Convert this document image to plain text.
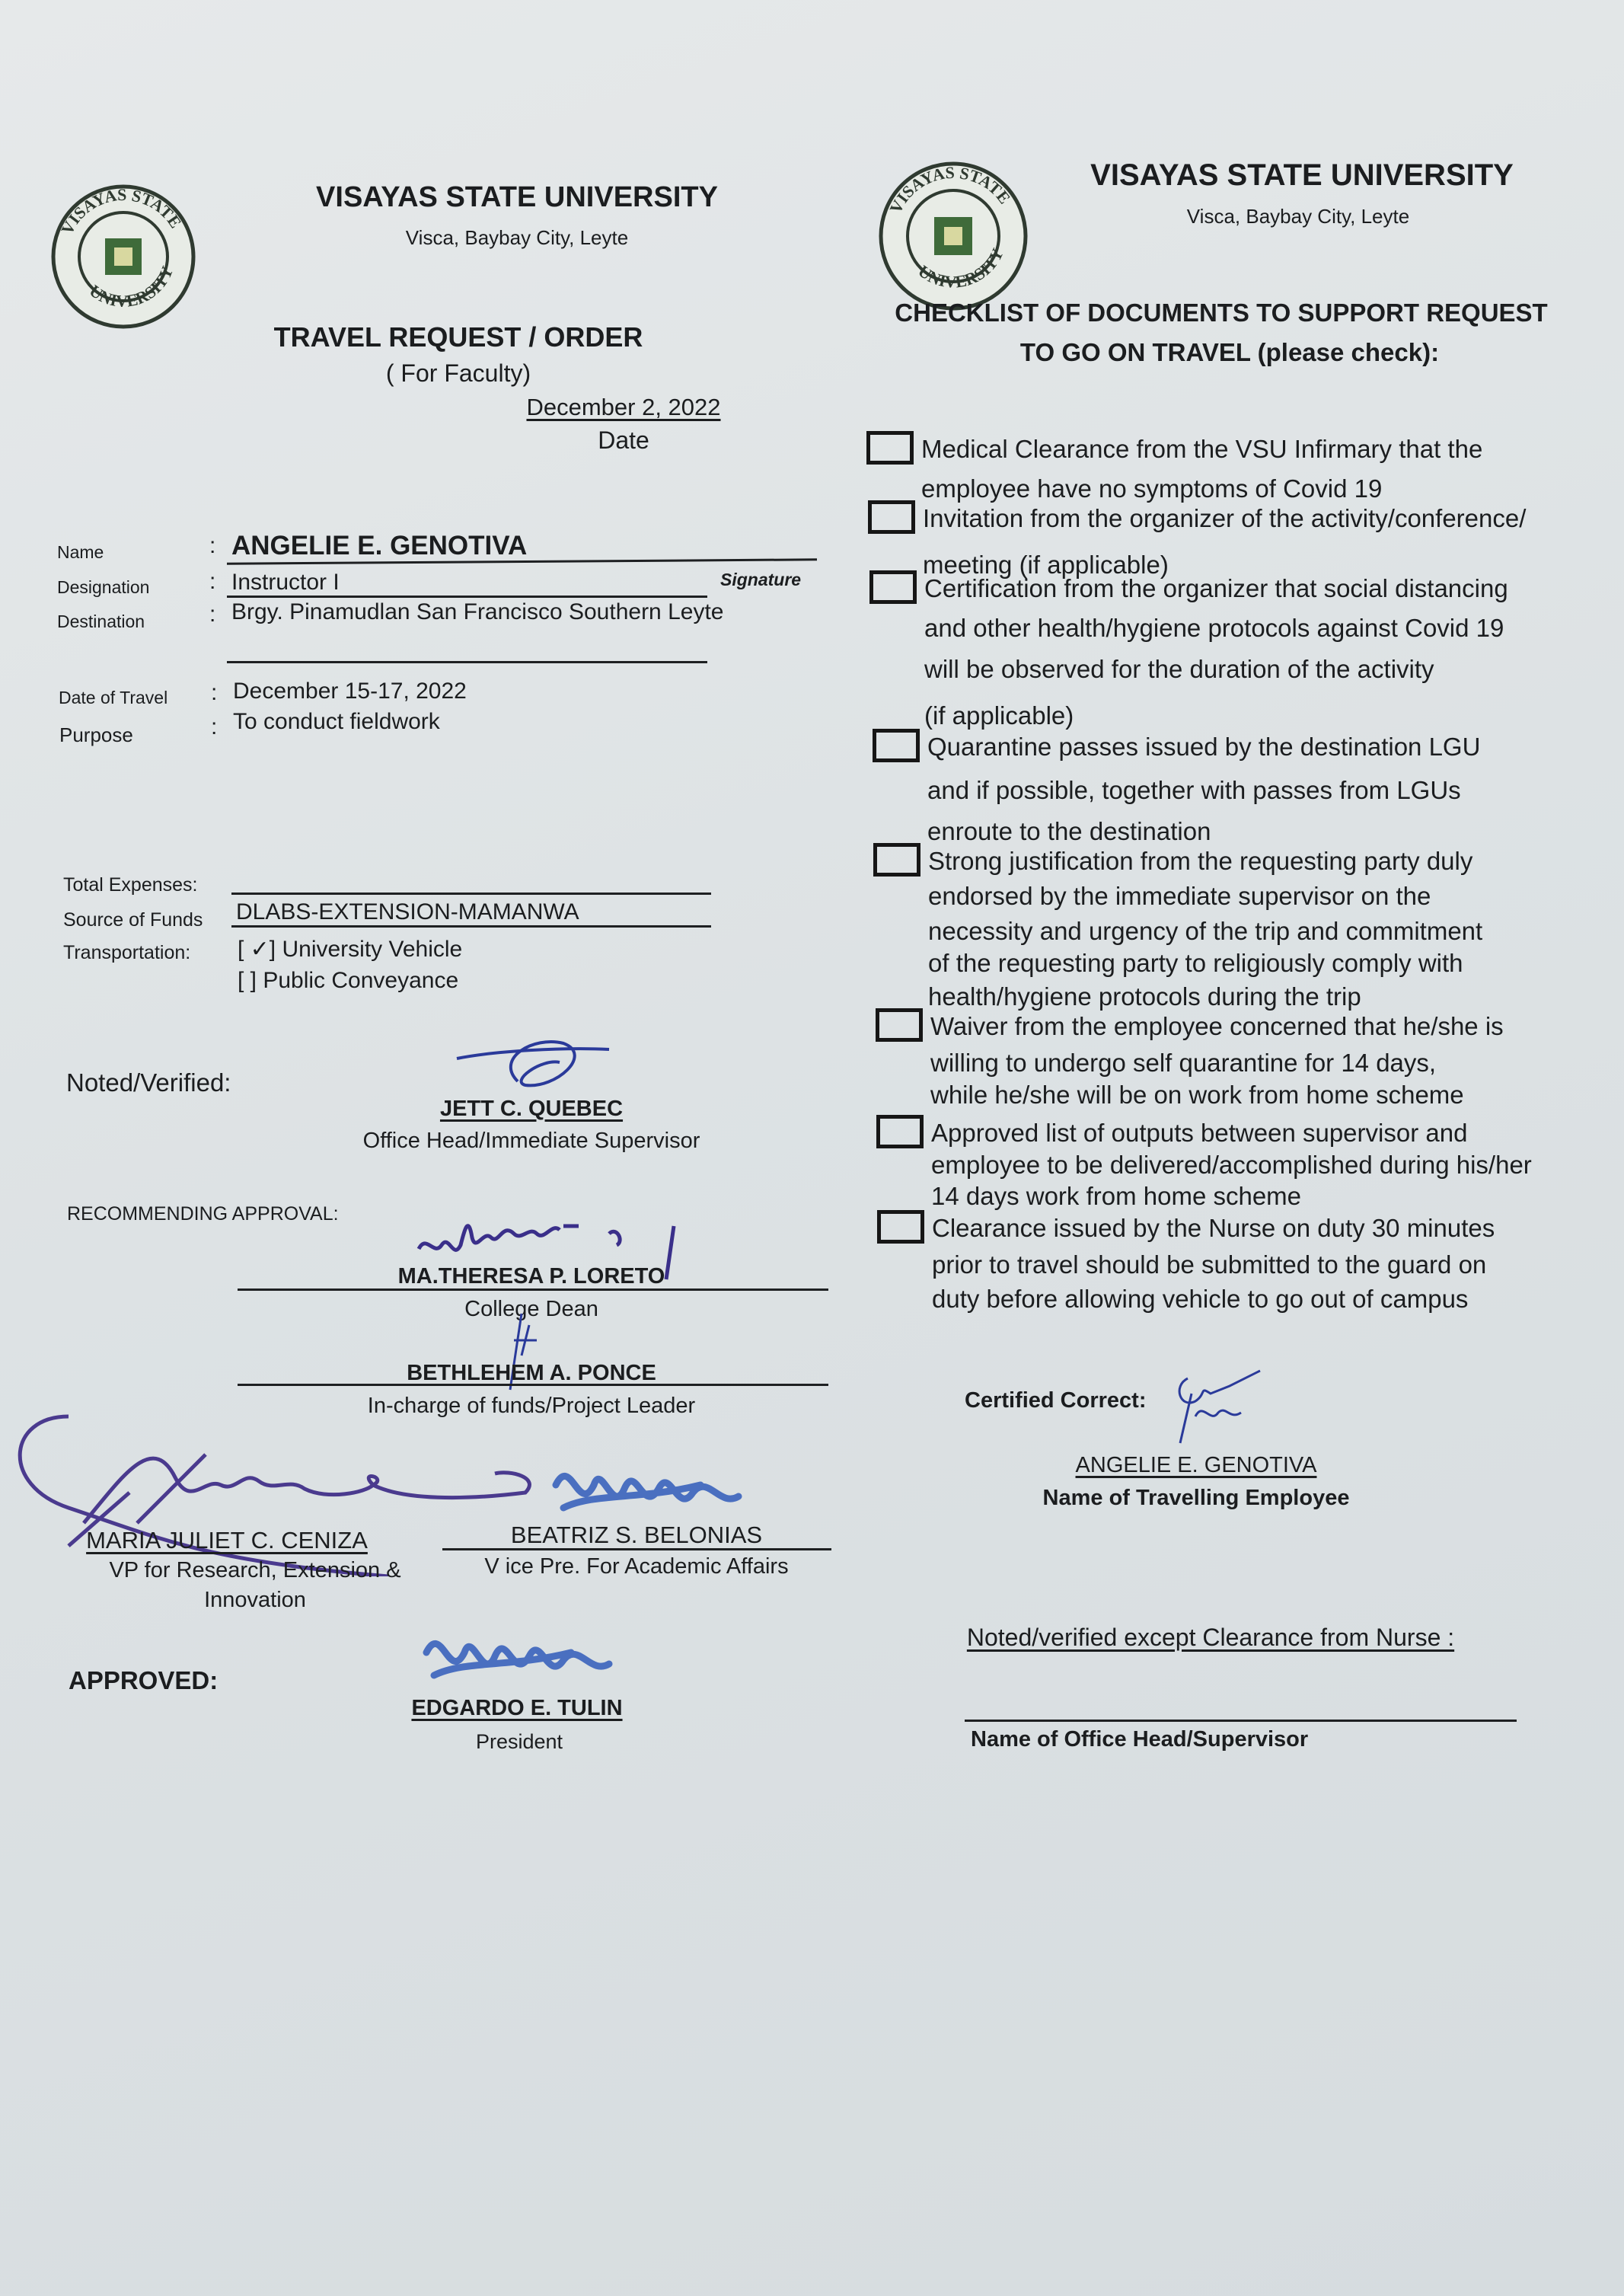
VISAYAS STATE
UNIVERSITY
VISAYAS STATE UNIVERSITY
Visca, Baybay City, Leyte
TRAVEL REQUEST / ORDER
( For Faculty)
December 2, 2022
Date
Name	: ANGELIE E. GENOTIVA
Signature
Designation	: Instructor I
Destination	: Brgy. Pinamudlan San Francisco Southern Leyte
Date of Travel : December 15-17, 2022
Purpose	: To conduct fieldwork
Total Expenses:
Source of Funds DLABS-EXTENSION-MAMANWA
Transportation: [ ✓] University Vehicle
[ ] Public Conveyance
Noted/Verified:
JETT C. QUEBEC
Office Head/Immediate Supervisor
RECOMMENDING APPROVAL:
MA.THERESA P. LORETO
College Dean
BETHLEHEM A. PONCE
In-charge of funds/Project Leader
MARIA JULIET C. CENIZA
VP for Research, Extension &
Innovation
BEATRIZ S. BELONIAS
V ice Pre. For Academic Affairs
APPROVED:
EDGARDO E. TULIN
President
VISAYAS STATE
UNIVERSITY
VISAYAS STATE UNIVERSITY
Visca, Baybay City, Leyte
CHECKLIST OF DOCUMENTS TO SUPPORT REQUEST
TO GO ON TRAVEL (please check):
Medical Clearance from the VSU Infirmary that the
employee have no symptoms of Covid 19
Invitation from the organizer of the activity/conference/
meeting (if applicable)
Certification from the organizer that social distancing
and other health/hygiene protocols against Covid 19
will be observed for the duration of the activity
(if applicable)
Quarantine passes issued by the destination LGU
and if possible, together with passes from LGUs
enroute to the destination
Strong justification from the requesting party duly
endorsed by the immediate supervisor on the
necessity and urgency of the trip and commitment
of the requesting party to religiously comply with
health/hygiene protocols during the trip
Waiver from the employee concerned that he/she is
willing to undergo self quarantine for 14 days,
while he/she will be on work from home scheme
Approved list of outputs between supervisor and
employee to be delivered/accomplished during his/her
14 days work from home scheme
Clearance issued by the Nurse on duty 30 minutes
prior to travel should be submitted to the guard on
duty before allowing vehicle to go out of campus
Certified Correct:
ANGELIE E. GENOTIVA
Name of Travelling Employee
Noted/verified except Clearance from Nurse :
Name of Office Head/Supervisor
